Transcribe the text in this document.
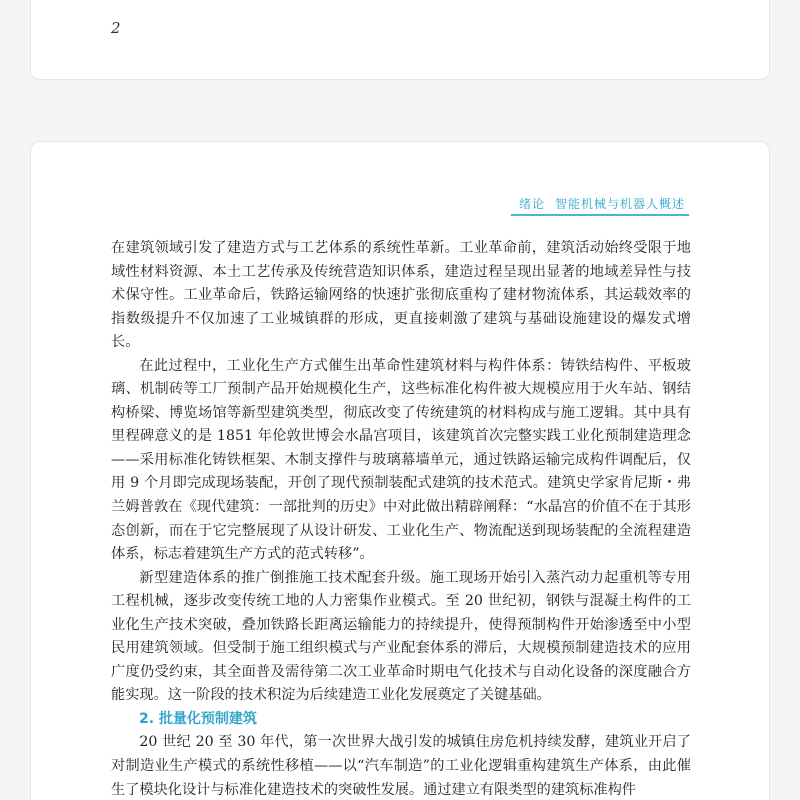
2
绪论 智能机械与机器人概述

在建筑领域引发了建造方式与工艺体系的系统性革新。工业革命前，建筑活动始终受限于地域性材料资源、本土工艺传承及传统营造知识体系，建造过程呈现出显著的地域差异性与技术保守性。工业革命后，铁路运输网络的快速扩张彻底重构了建材物流体系，其运载效率的指数级提升不仅加速了工业城镇群的形成，更直接刺激了建筑与基础设施建设的爆发式增长。

在此过程中，工业化生产方式催生出革命性建筑材料与构件体系：铸铁结构件、平板玻璃、机制砖等工厂预制产品开始规模化生产，这些标准化构件被大规模应用于火车站、钢结构桥梁、博览场馆等新型建筑类型，彻底改变了传统建筑的材料构成与施工逻辑。其中具有里程碑意义的是 1851 年伦敦世博会水晶宫项目，该建筑首次完整实践工业化预制建造理念——采用标准化铸铁框架、木制支撑件与玻璃幕墙单元，通过铁路运输完成构件调配后，仅用 9 个月即完成现场装配，开创了现代预制装配式建筑的技术范式。建筑史学家肯尼斯・弗兰姆普敦在《现代建筑：一部批判的历史》中对此做出精辟阐释：“水晶宫的价值不在于其形态创新，而在于它完整展现了从设计研发、工业化生产、物流配送到现场装配的全流程建造体系，标志着建筑生产方式的范式转移”。

新型建造体系的推广倒推施工技术配套升级。施工现场开始引入蒸汽动力起重机等专用工程机械，逐步改变传统工地的人力密集作业模式。至 20 世纪初，钢铁与混凝土构件的工业化生产技术突破，叠加铁路长距离运输能力的持续提升，使得预制构件开始渗透至中小型民用建筑领域。但受制于施工组织模式与产业配套体系的滞后，大规模预制建造技术的应用广度仍受约束，其全面普及需待第二次工业革命时期电气化技术与自动化设备的深度融合方能实现。这一阶段的技术积淀为后续建造工业化发展奠定了关键基础。

2. 批量化预制建筑

20 世纪 20 至 30 年代，第一次世界大战引发的城镇住房危机持续发酵，建筑业开启了对制造业生产模式的系统性移植——以“汽车制造”的工业化逻辑重构建筑生产体系，由此催生了模块化设计与标准化建造技术的突破性发展。通过建立有限类型的建筑标准构件
